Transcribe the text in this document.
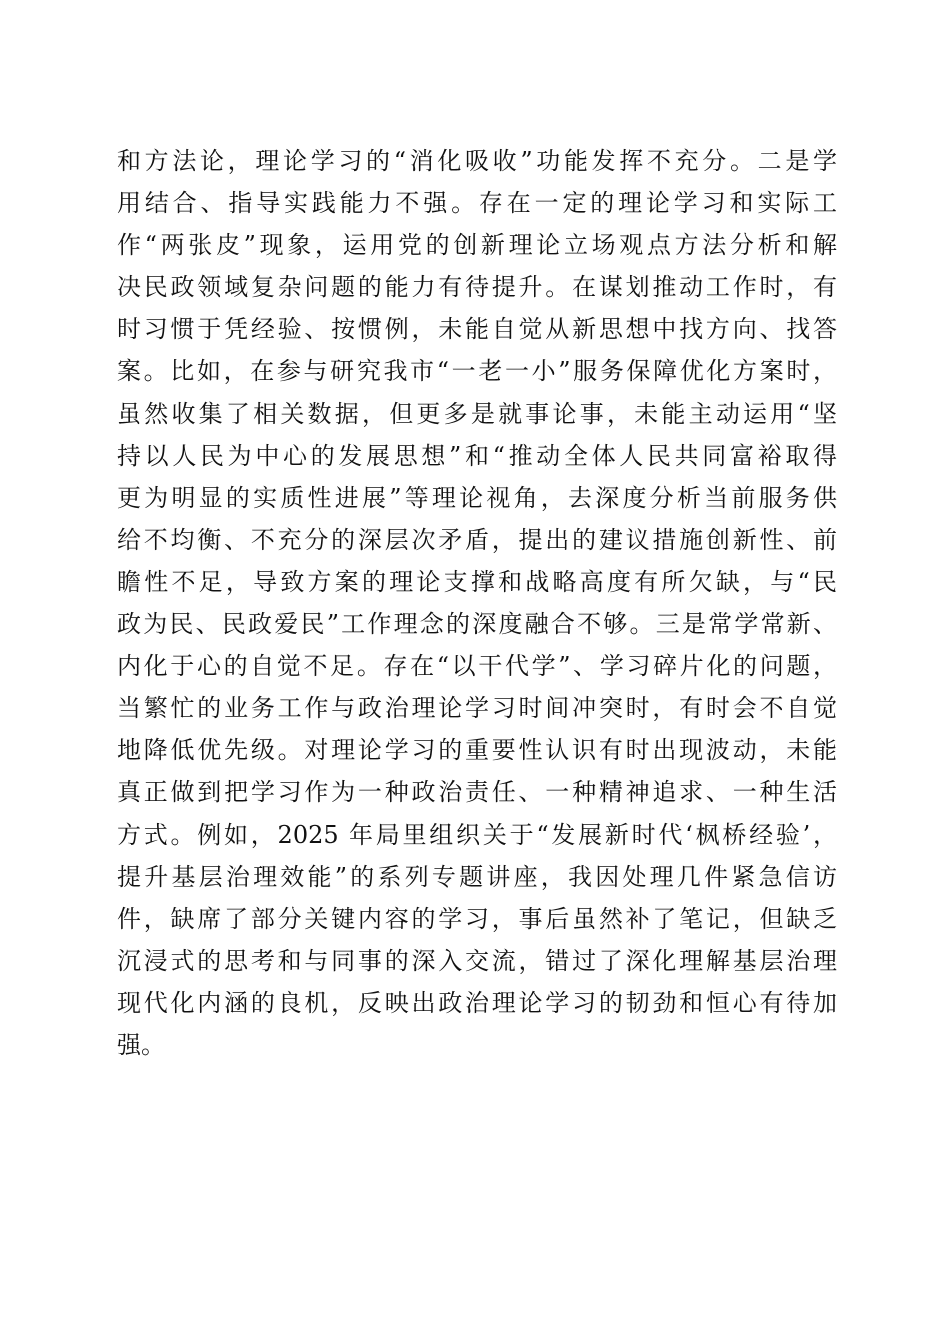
和方法论，理论学习的“消化吸收”功能发挥不充分。二是学
用结合、指导实践能力不强。存在一定的理论学习和实际工
作“两张皮”现象，运用党的创新理论立场观点方法分析和解
决民政领域复杂问题的能力有待提升。在谋划推动工作时，有
时习惯于凭经验、按惯例，未能自觉从新思想中找方向、找答
案。比如，在参与研究我市“一老一小”服务保障优化方案时，
虽然收集了相关数据，但更多是就事论事，未能主动运用“坚
持以人民为中心的发展思想”和“推动全体人民共同富裕取得
更为明显的实质性进展”等理论视角，去深度分析当前服务供
给不均衡、不充分的深层次矛盾，提出的建议措施创新性、前
瞻性不足，导致方案的理论支撑和战略高度有所欠缺，与“民
政为民、民政爱民”工作理念的深度融合不够。三是常学常新、
内化于心的自觉不足。存在“以干代学”、学习碎片化的问题，
当繁忙的业务工作与政治理论学习时间冲突时，有时会不自觉
地降低优先级。对理论学习的重要性认识有时出现波动，未能
真正做到把学习作为一种政治责任、一种精神追求、一种生活
方式。例如，2025 年局里组织关于“发展新时代‘枫桥经验’，
提升基层治理效能”的系列专题讲座，我因处理几件紧急信访
件，缺席了部分关键内容的学习，事后虽然补了笔记，但缺乏
沉浸式的思考和与同事的深入交流，错过了深化理解基层治理
现代化内涵的良机，反映出政治理论学习的韧劲和恒心有待加
强。
